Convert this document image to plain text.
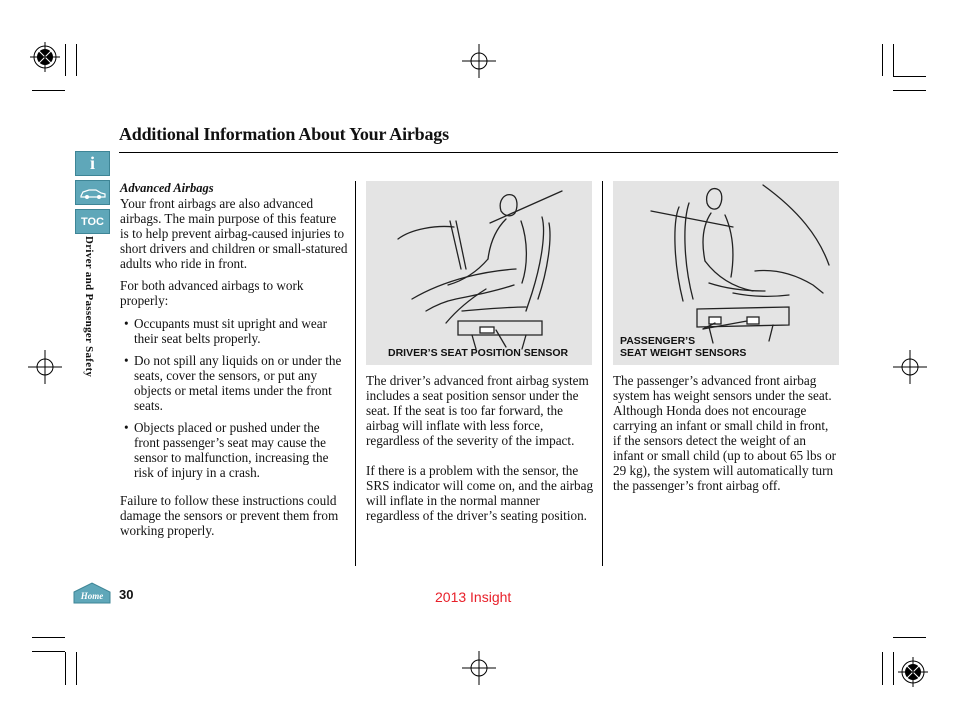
Additional Information About Your Airbags
i
TOC
Driver and Passenger Safety

Advanced Airbags

Your front airbags are also advanced airbags. The main purpose of this feature is to help prevent airbag-caused injuries to short drivers and children or small-statured adults who ride in front.

For both advanced airbags to work properly:

• Occupants must sit upright and wear their seat belts properly.
• Do not spill any liquids on or under the seats, cover the sensors, or put any objects or metal items under the front seats.
• Objects placed or pushed under the front passenger’s seat may cause the sensor to malfunction, increasing the risk of injury in a crash.

Failure to follow these instructions could damage the sensors or prevent them from working properly.

DRIVER’S SEAT POSITION SENSOR

The driver’s advanced front airbag system includes a seat position sensor under the seat. If the seat is too far forward, the airbag will inflate with less force, regardless of the severity of the impact.

If there is a problem with the sensor, the SRS indicator will come on, and the airbag will inflate in the normal manner regardless of the driver’s seating position.

PASSENGER’S
SEAT WEIGHT SENSORS

The passenger’s advanced front airbag system has weight sensors under the seat. Although Honda does not encourage carrying an infant or small child in front, if the sensors detect the weight of an infant or small child (up to about 65 lbs or 29 kg), the system will automatically turn the passenger’s front airbag off.

Home 30	2013 Insight
